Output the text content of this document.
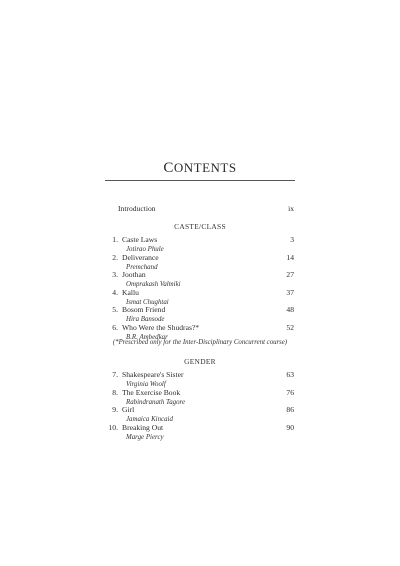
CONTENTS
Introduction	ix
CASTE/CLASS
1. Caste Laws	3
Jotirao Phule
2. Deliverance	14
Premchand
3. Joothan	27
Omprakash Valmiki
4. Kallu	37
Ismat Chughtai
5. Bosom Friend	48
Hira Bansode
6. Who Were the Shudras?*	52
B.R. Ambedkar
(*Prescribed only for the Inter-Disciplinary Concurrent course)
GENDER
7. Shakespeare's Sister	63
Virginia Woolf
8. The Exercise Book	76
Rabindranath Tagore
9. Girl	86
Jamaica Kincaid
10. Breaking Out	90
Marge Piercy
